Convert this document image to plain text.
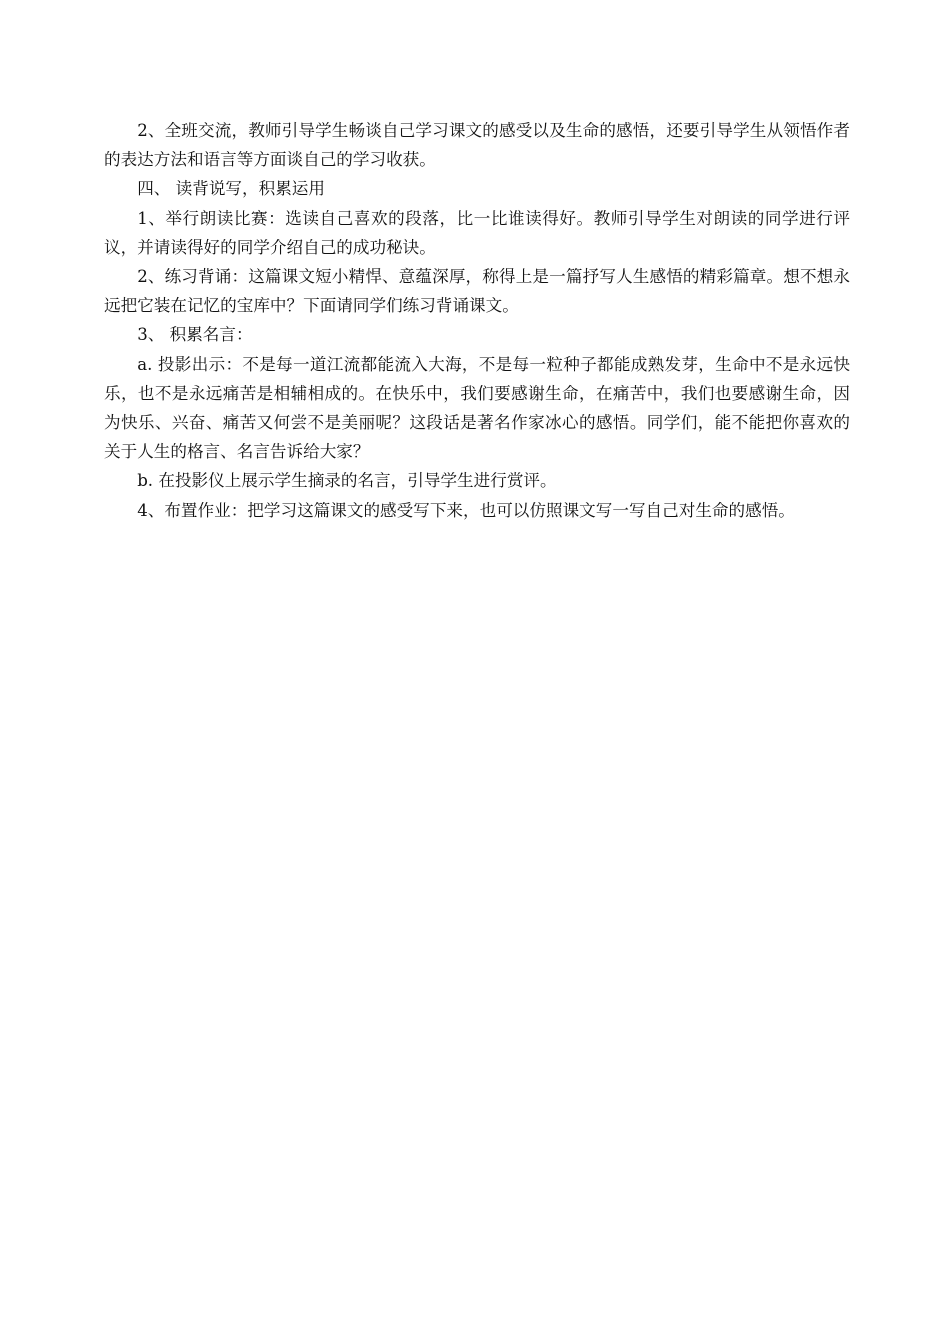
2、全班交流，教师引导学生畅谈自己学习课文的感受以及生命的感悟，还要引导学生从领悟作者的表达方法和语言等方面谈自己的学习收获。

四、 读背说写，积累运用

1、举行朗读比赛：选读自己喜欢的段落，比一比谁读得好。教师引导学生对朗读的同学进行评议，并请读得好的同学介绍自己的成功秘诀。

2、练习背诵：这篇课文短小精悍、意蕴深厚，称得上是一篇抒写人生感悟的精彩篇章。想不想永远把它装在记忆的宝库中？下面请同学们练习背诵课文。

3、 积累名言：

a. 投影出示：不是每一道江流都能流入大海，不是每一粒种子都能成熟发芽，生命中不是永远快乐，也不是永远痛苦是相辅相成的。在快乐中，我们要感谢生命，在痛苦中，我们也要感谢生命，因为快乐、兴奋、痛苦又何尝不是美丽呢？这段话是著名作家冰心的感悟。同学们，能不能把你喜欢的关于人生的格言、名言告诉给大家？

b. 在投影仪上展示学生摘录的名言，引导学生进行赏评。

4、布置作业：把学习这篇课文的感受写下来，也可以仿照课文写一写自己对生命的感悟。
